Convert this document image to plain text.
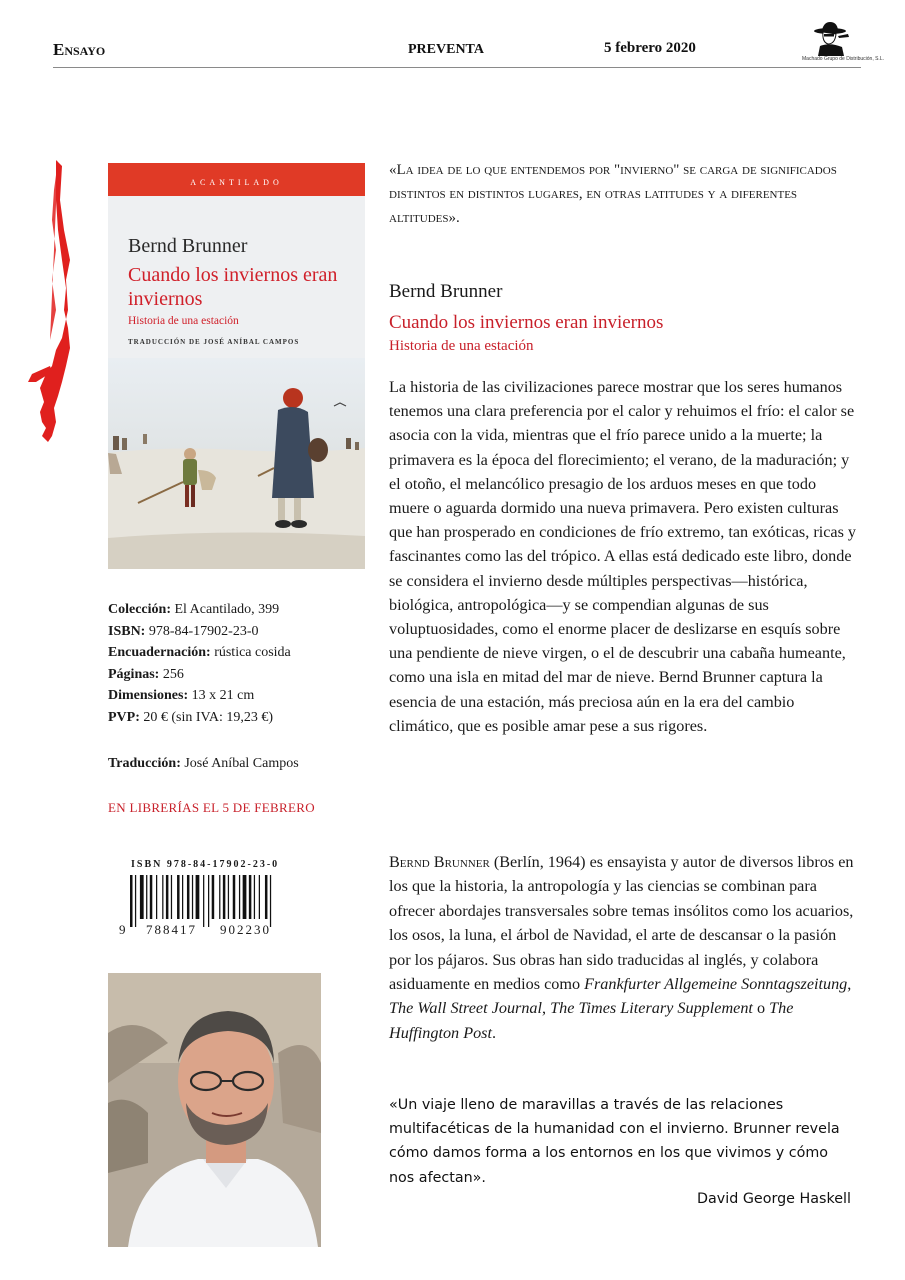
Ensayo	PREVENTA	5 febrero 2020
Machado Grupo de Distribución, S.L.
ACANTILADO
Bernd Brunner
Cuando los inviernos eran inviernos
Historia de una estación
TRADUCCIÓN DE JOSÉ ANÍBAL CAMPOS
Colección: El Acantilado, 399
ISBN: 978-84-17902-23-0
Encuadernación: rústica cosida
Páginas: 256
Dimensiones: 13 x 21 cm
PVP: 20 € (sin IVA: 19,23 €)
Traducción: José Aníbal Campos
EN LIBRERÍAS EL 5 DE FEBRERO
ISBN 978-84-17902-23-0
9 788417 902230
«La idea de lo que entendemos por "invierno" se carga de significados distintos en distintos lugares, en otras latitudes y a diferentes altitudes».
Bernd Brunner
Cuando los inviernos eran inviernos
Historia de una estación
La historia de las civilizaciones parece mostrar que los seres humanos tenemos una clara preferencia por el calor y rehuimos el frío: el calor se asocia con la vida, mientras que el frío parece unido a la muerte; la primavera es la época del florecimiento; el verano, de la maduración; y el otoño, el melancólico presagio de los arduos meses en que todo muere o aguarda dormido una nueva primavera. Pero existen culturas que han prosperado en condiciones de frío extremo, tan exóticas, ricas y fascinantes como las del trópico. A ellas está dedicado este libro, donde se considera el invierno desde múltiples perspectivas—histórica, biológica, antropológica—y se compendian algunas de sus voluptuosidades, como el enorme placer de deslizarse en esquís sobre una pendiente de nieve virgen, o el de descubrir una cabaña humeante, como una isla en mitad del mar de nieve. Bernd Brunner captura la esencia de una estación, más preciosa aún en la era del cambio climático, que es posible amar pese a sus rigores.
Bernd Brunner (Berlín, 1964) es ensayista y autor de diversos libros en los que la historia, la antropología y las ciencias se combinan para ofrecer abordajes transversales sobre temas insólitos como los acuarios, los osos, la luna, el árbol de Navidad, el arte de descansar o la pasión por los pájaros. Sus obras han sido traducidas al inglés, y colabora asiduamente en medios como Frankfurter Allgemeine Sonntagszeitung, The Wall Street Journal, The Times Literary Supplement o The Huffington Post.
«Un viaje lleno de maravillas a través de las relaciones multifacéticas de la humanidad con el invierno. Brunner revela cómo damos forma a los entornos en los que vivimos y cómo nos afectan».
David George Haskell
